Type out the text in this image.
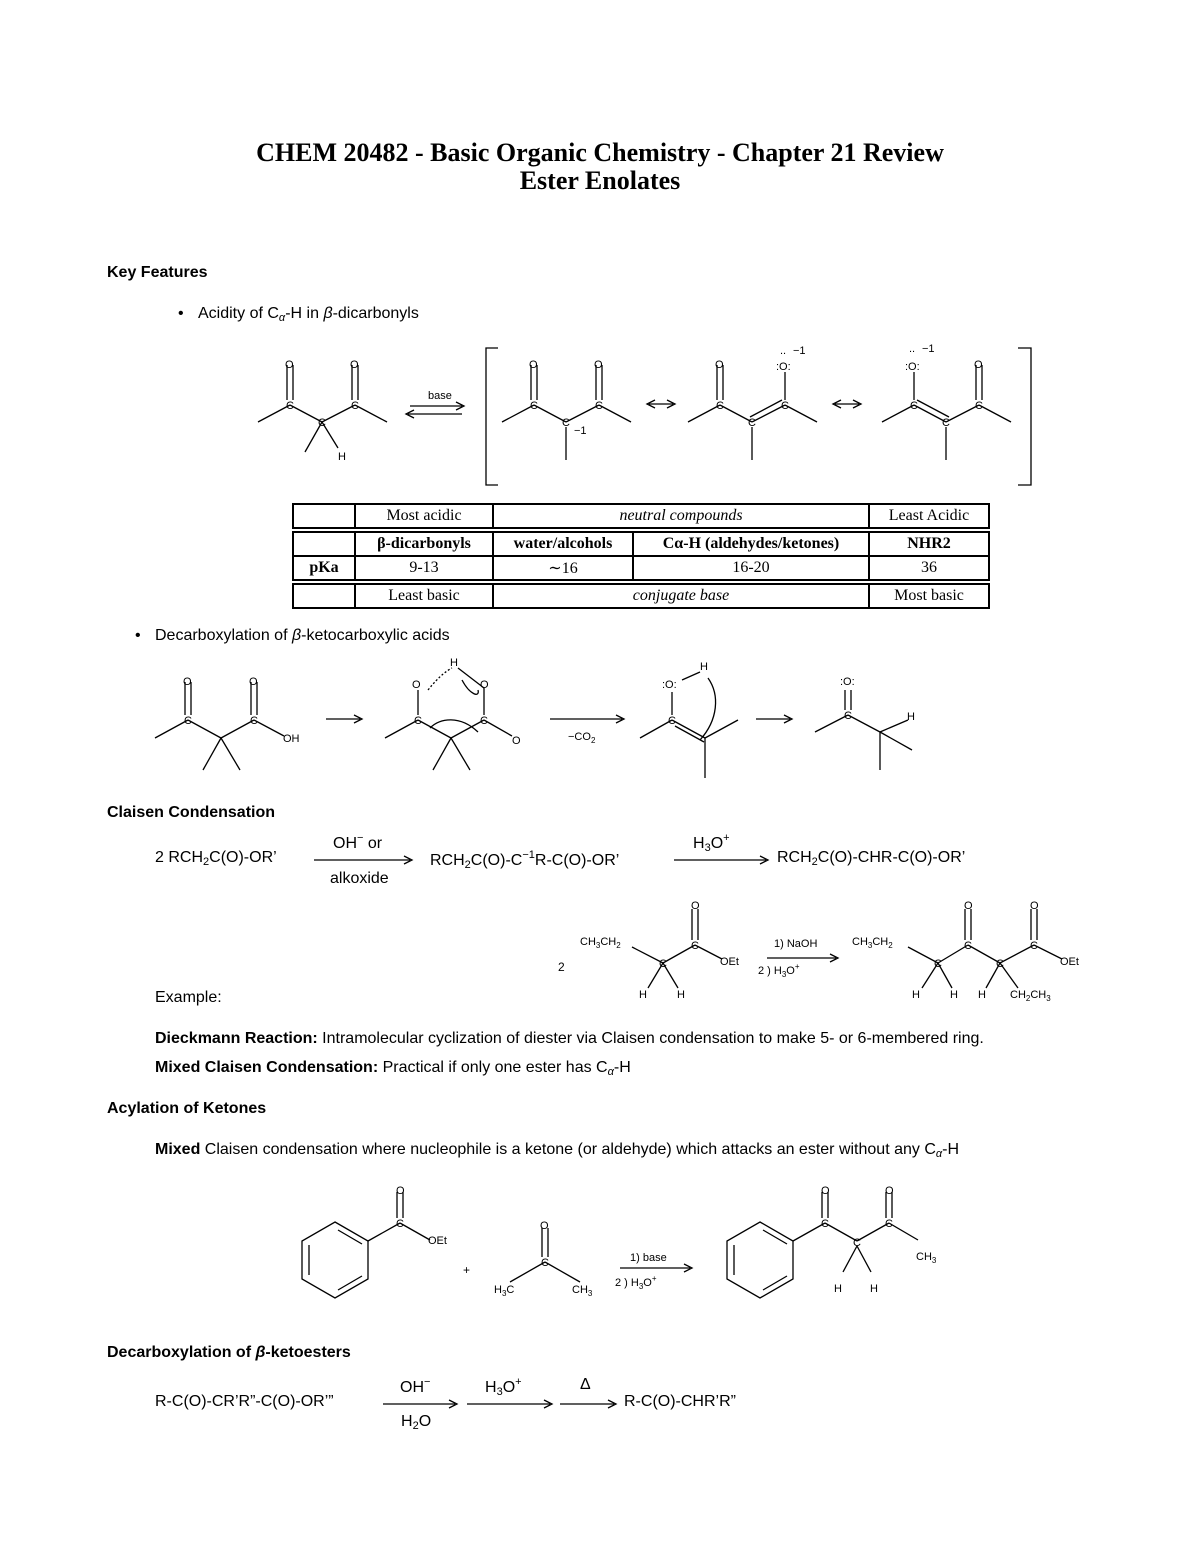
CHEM 20482 - Basic Organic Chemistry - Chapter 21 Review
Ester Enolates
Key Features
• Acidity of $C_\alpha-H$ in β-dicarbonyls
O	O
C	C
C
H
base
O	O
C	C
C
−1
O
C
C
C
:O:
.. −1
:O:
.. −1
O
C
C
C
	Most acidic	neutral compounds		Least Acidic

	β-dicarbonyls	water/alcohols	Cα-H (aldehydes/ketones)	NHR2
pKa	9-13	∼16	16-20	36

	Least basic	conjugate base		Most basic
• Decarboxylation of β-ketocarboxylic acids
O	O
C	C
OH
O
H
O
C	C
O	$-CO_2$
:O:
H
C
:O:
C	H
Claisen Condensation
2 RCH2C(O)-OR’
OH− or
alkoxide
$RCH2C(O)-C^{-1}R-C(O)-OR$’
H3O+
RCH2C(O)-CHR-C(O)-OR’
2
$CH_3CH_2$
O
C
C	OEt
H	H
1) NaOH
2 ) $H_3O^+$
$CH_3CH_2$
O	O
C	C
C	C	OEt
H	H H $CH_2CH_3$
Example:
Dieckmann Reaction: Intramolecular cyclization of diester via Claisen condensation to make 5- or 6-membered ring.
Mixed Claisen Condensation: Practical if only one ester has $C_\alpha-H$
Acylation of Ketones
Mixed Claisen condensation where nucleophile is a ketone (or aldehyde) which attacks an ester without any $C_\alpha-H$
O
C
OEt
+
O
C
$H_3C$	$CH_3$
1) base
2 ) $H_3O^+$
O	O
C
C
C
$CH_3$
H	H
Decarboxylation of β-ketoesters
R-C(O)-CR’R”-C(O)-OR’”
OH−
H2O
H3O+	Δ
R-C(O)-CHR’R”
